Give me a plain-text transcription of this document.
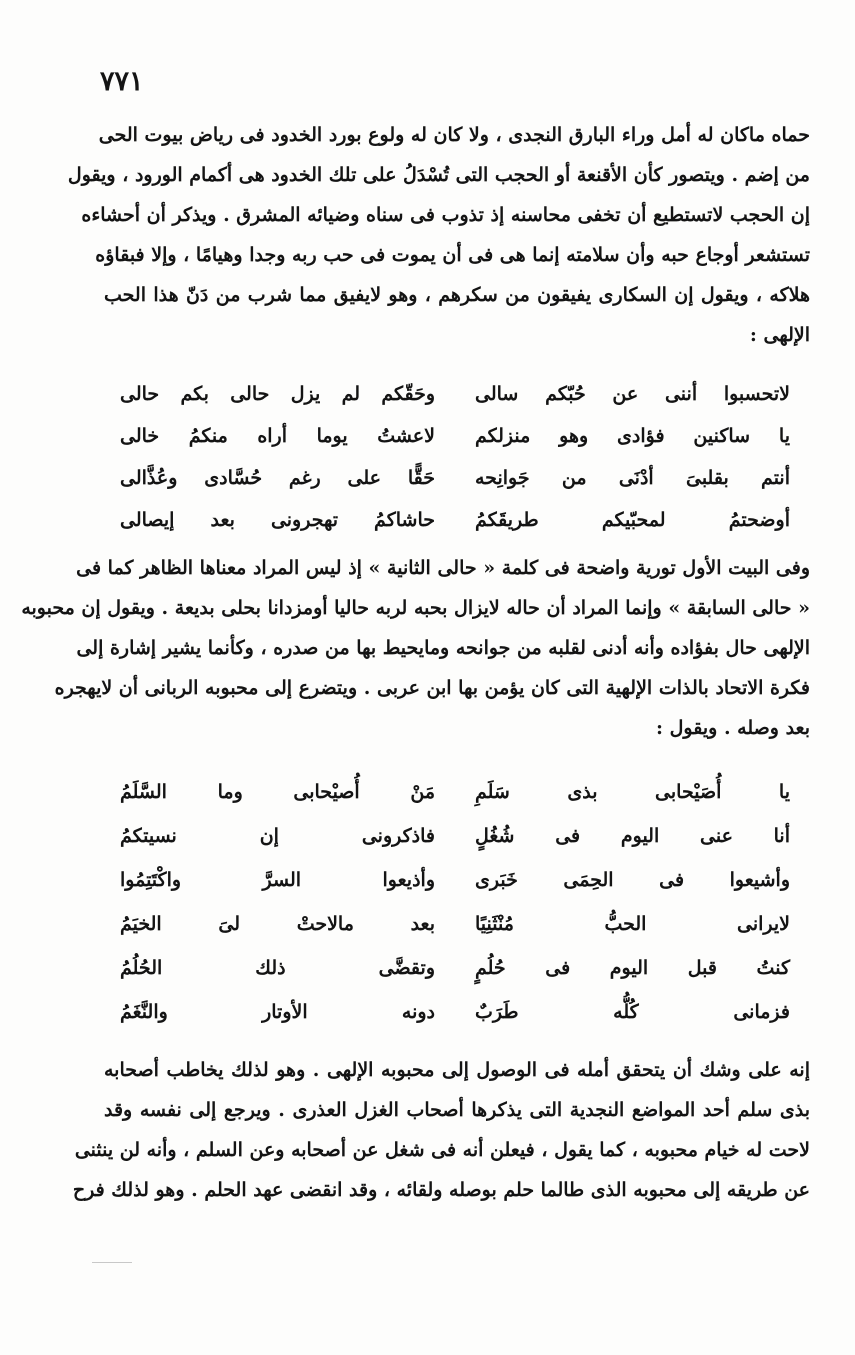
٧٧١
حماه ماكان له أمل وراء البارق النجدى ، ولا كان له ولوع بورد الخدود فى رياض بيوت الحى
من إضم . ويتصور كأن الأقنعة أو الحجب التى تُسْدَلُ على تلك الخدود هى أكمام الورود ، ويقول
إن الحجب لاتستطيع أن تخفى محاسنه إذ تذوب فى سناه وضيائه المشرق . ويذكر أن أحشاءه
تستشعر أوجاع حبه وأن سلامته إنما هى فى أن يموت فى حب ربه وجدا وهيامًا ، وإلا فبقاؤه
هلاكه ، ويقول إن السكارى يفيقون من سكرهم ، وهو لايفيق مما شرب من دَنّ هذا الحب
الإلهى :
لاتحسبوا أننى عن حُبّكم سالى
وحَقّكم لم يزل حالى بكم حالى
يا ساكنين فؤادى وهو منزلكم
لاعشتُ يوما أراه منكمُ خالى
أنتم بقلبىَ أدْنَى من جَوانِحه
حَقًّا على رغم حُسَّادى وعُذَّالى
أوضحتمُ لمحبّيكم طريقَكمُ
حاشاكمُ تهجرونى بعد إيصالى
وفى البيت الأول تورية واضحة فى كلمة « حالى الثانية » إذ ليس المراد معناها الظاهر كما فى
« حالى السابقة » وإنما المراد أن حاله لايزال بحبه لربه حاليا أومزدانا بحلى بديعة . ويقول إن محبوبه
الإلهى حال بفؤاده وأنه أدنى لقلبه من جوانحه ومايحيط بها من صدره ، وكأنما يشير إشارة إلى
فكرة الاتحاد بالذات الإلهية التى كان يؤمن بها ابن عربى . ويتضرع إلى محبوبه الربانى أن لايهجره
بعد وصله . ويقول :
يا أُصَيْحابى بذى سَلَمِ
مَنْ أُصيْحابى وما السَّلَمُ
أنا عنى اليوم فى شُغُلٍ
فاذكرونى إن نسيتكمُ
وأشيعوا فى الحِمَى خَبَرى
وأذيعوا السرَّ واكْتَتِمُوا
لايرانى الحبُّ مُنْثَنِيًا
بعد مالاحتْ لىَ الخيَمُ
كنتُ قبل اليوم فى حُلُمٍ
وتقضَّى ذلك الحُلُمُ
فزمانى كُلُّه طَرَبٌ
دونه الأوتار والنَّغَمُ
إنه على وشك أن يتحقق أمله فى الوصول إلى محبوبه الإلهى . وهو لذلك يخاطب أصحابه
بذى سلم أحد المواضع النجدية التى يذكرها أصحاب الغزل العذرى . ويرجع إلى نفسه وقد
لاحت له خيام محبوبه ، كما يقول ، فيعلن أنه فى شغل عن أصحابه وعن السلم ، وأنه لن ينثنى
عن طريقه إلى محبوبه الذى طالما حلم بوصله ولقائه ، وقد انقضى عهد الحلم . وهو لذلك فرح
